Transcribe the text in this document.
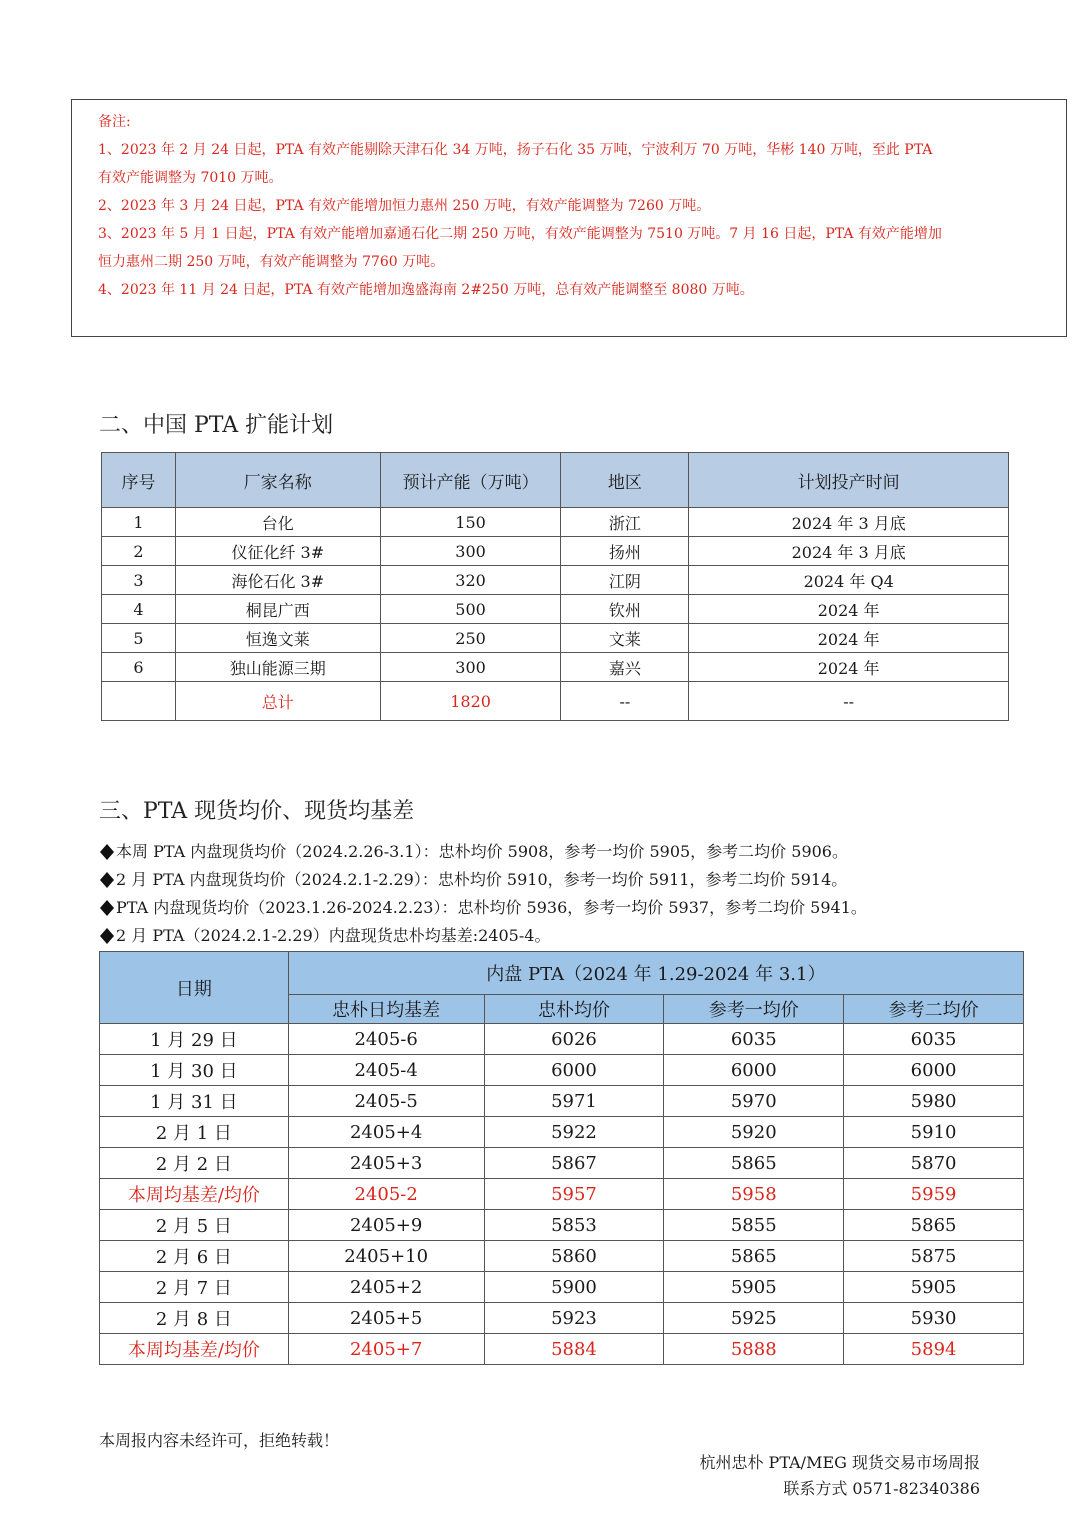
备注:

1、2023 年 2 月 24 日起，PTA 有效产能剔除天津石化 34 万吨，扬子石化 35 万吨，宁波利万 70 万吨，华彬 140 万吨，至此 PTA

有效产能调整为 7010 万吨。

2、2023 年 3 月 24 日起，PTA 有效产能增加恒力惠州 250 万吨，有效产能调整为 7260 万吨。

3、2023 年 5 月 1 日起，PTA 有效产能增加嘉通石化二期 250 万吨，有效产能调整为 7510 万吨。7 月 16 日起，PTA 有效产能增加

恒力惠州二期 250 万吨，有效产能调整为 7760 万吨。

4、2023 年 11 月 24 日起，PTA 有效产能增加逸盛海南 2#250 万吨，总有效产能调整至 8080 万吨。

二、中国 PTA 扩能计划
序号	厂家名称	预计产能（万吨）	地区	计划投产时间
1	台化	150	浙江	2024 年 3 月底
2	仪征化纤 3#	300	扬州	2024 年 3 月底
3	海伦石化 3#	320	江阴	2024 年 Q4
4	桐昆广西	500	钦州	2024 年
5	恒逸文莱	250	文莱	2024 年
6	独山能源三期	300	嘉兴	2024 年
	总计	1820	--	--
三、PTA 现货均价、现货均基差
本周 PTA 内盘现货均价（2024.2.26-3.1）：忠朴均价 5908，参考一均价 5905，参考二均价 5906。
2 月 PTA 内盘现货均价（2024.2.1-2.29）：忠朴均价 5910，参考一均价 5911，参考二均价 5914。
PTA 内盘现货均价（2023.1.26-2024.2.23）：忠朴均价 5936，参考一均价 5937，参考二均价 5941。
2 月 PTA（2024.2.1-2.29）内盘现货忠朴均基差:2405-4。
日期	内盘 PTA（2024 年 1.29-2024 年 3.1）			
	忠朴日均基差	忠朴均价	参考一均价	参考二均价
1 月 29 日	2405-6	6026	6035	6035
1 月 30 日	2405-4	6000	6000	6000
1 月 31 日	2405-5	5971	5970	5980
2 月 1 日	2405+4	5922	5920	5910
2 月 2 日	2405+3	5867	5865	5870
本周均基差/均价	2405-2	5957	5958	5959
2 月 5 日	2405+9	5853	5855	5865
2 月 6 日	2405+10	5860	5865	5875
2 月 7 日	2405+2	5900	5905	5905
2 月 8 日	2405+5	5923	5925	5930
本周均基差/均价	2405+7	5884	5888	5894
本周报内容未经许可，拒绝转载！
杭州忠朴 PTA/MEG 现货交易市场周报
联系方式 0571-82340386
